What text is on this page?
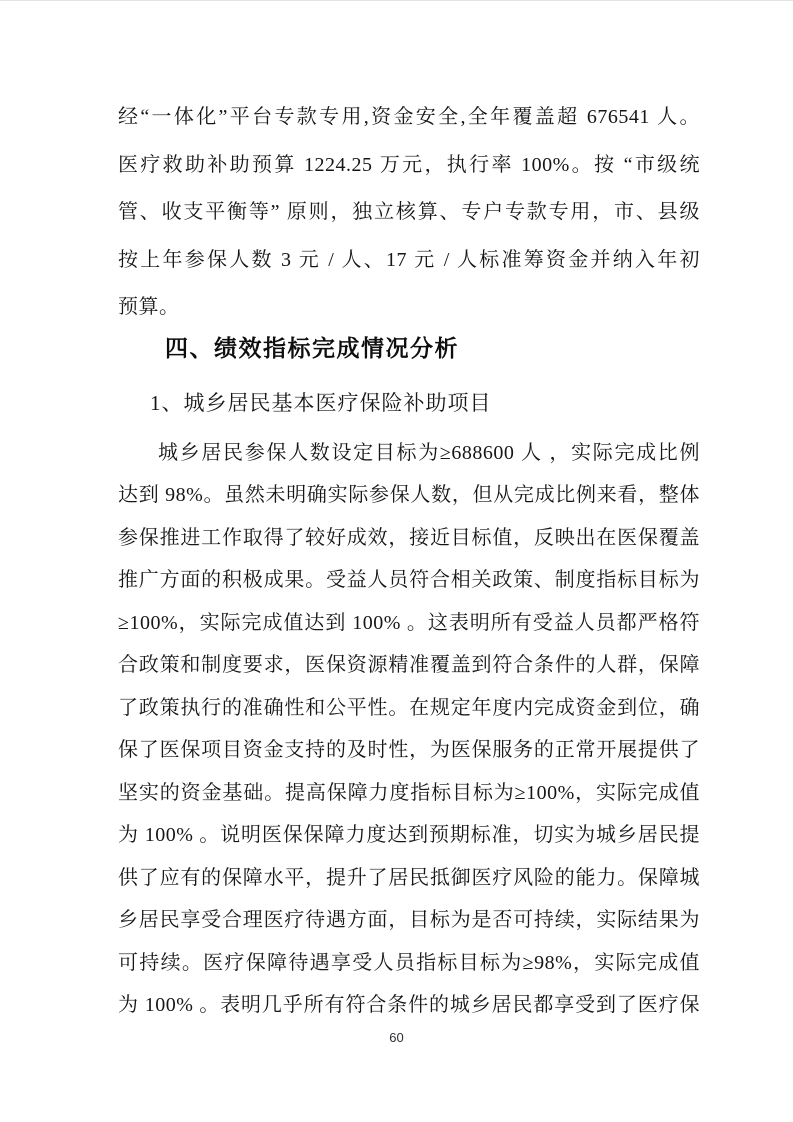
经“一体化”平台专款专用,资金安全,全年覆盖超 676541 人。
医疗救助补助预算 1224.25 万元，执行率 100%。按 “市级统
管、收支平衡等” 原则，独立核算、专户专款专用，市、县级
按上年参保人数 3 元 / 人、17 元 / 人标准筹资金并纳入年初
预算。
四、绩效指标完成情况分析
1、城乡居民基本医疗保险补助项目
城乡居民参保人数设定目标为≥688600 人 ，实际完成比例
达到 98%。虽然未明确实际参保人数，但从完成比例来看，整体
参保推进工作取得了较好成效，接近目标值，反映出在医保覆盖
推广方面的积极成果。受益人员符合相关政策、制度指标目标为
≥100%，实际完成值达到 100% 。这表明所有受益人员都严格符
合政策和制度要求，医保资源精准覆盖到符合条件的人群，保障
了政策执行的准确性和公平性。在规定年度内完成资金到位，确
保了医保项目资金支持的及时性，为医保服务的正常开展提供了
坚实的资金基础。提高保障力度指标目标为≥100%，实际完成值
为 100% 。说明医保保障力度达到预期标准，切实为城乡居民提
供了应有的保障水平，提升了居民抵御医疗风险的能力。保障城
乡居民享受合理医疗待遇方面，目标为是否可持续，实际结果为
可持续。医疗保障待遇享受人员指标目标为≥98%，实际完成值
为 100% 。表明几乎所有符合条件的城乡居民都享受到了医疗保
60
